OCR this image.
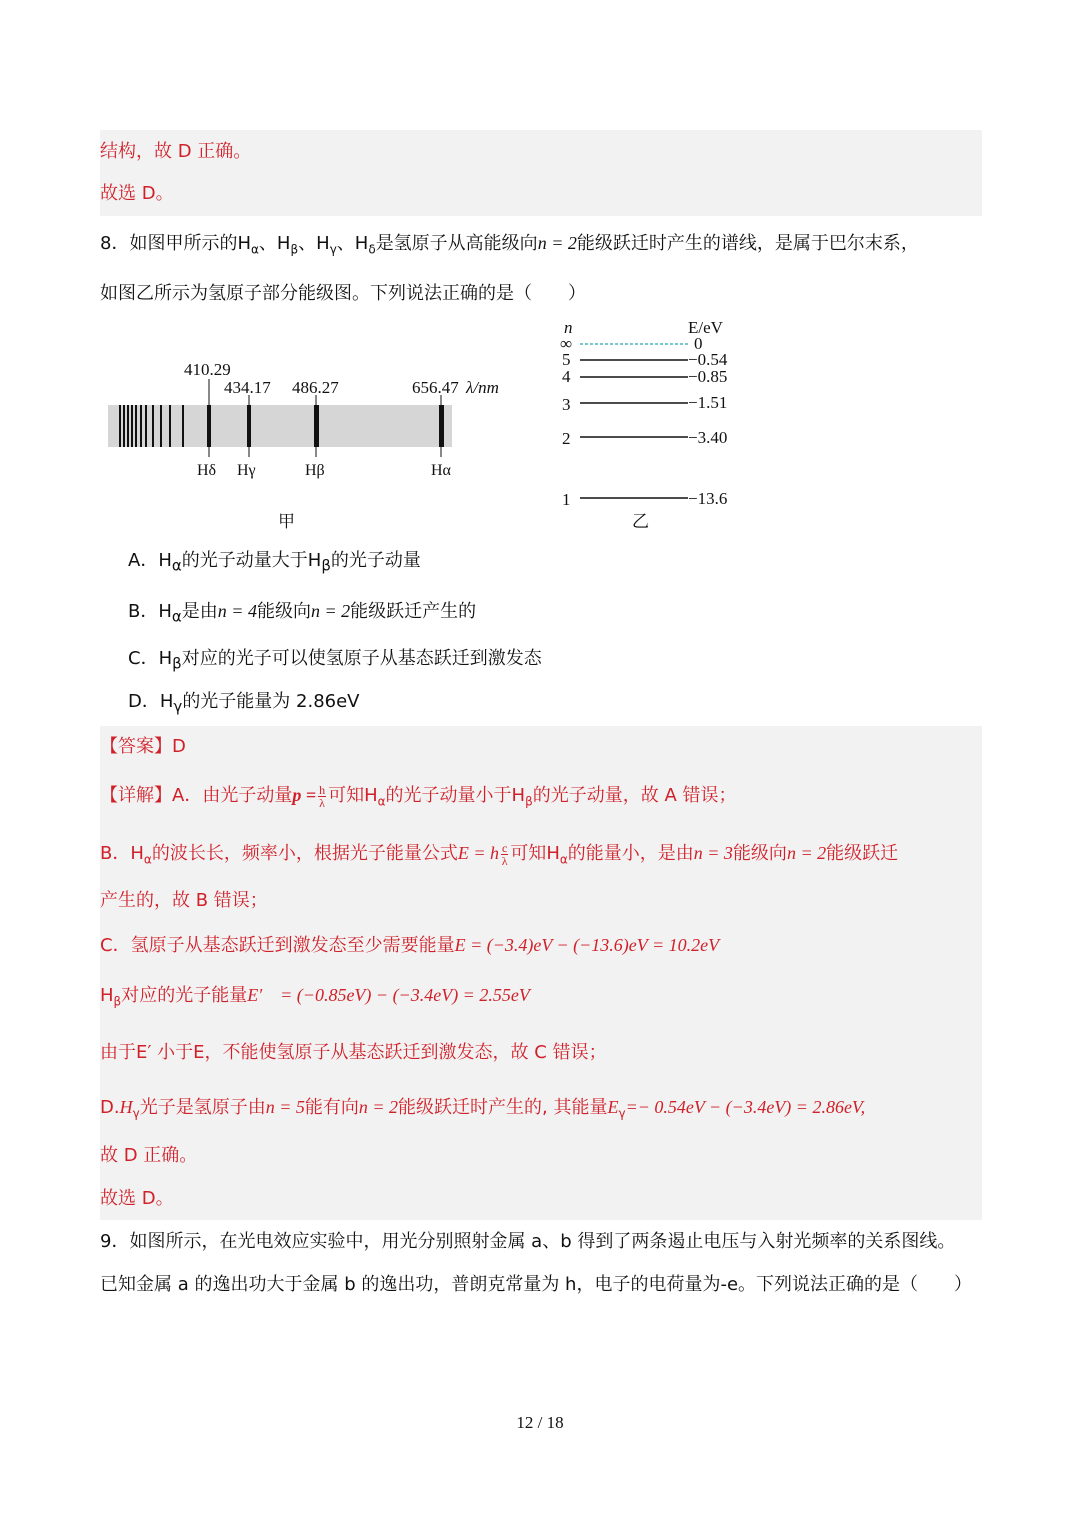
结构，故 D 正确。
故选 D。
8．如图甲所示的$H_\alpha$、$H_\beta$、$H_\gamma$、$H_\delta$是氢原子从高能级向n = 2能级跃迁时产生的谱线，是属于巴尔末系，
如图乙所示为氢原子部分能级图。下列说法正确的是（　　）
410.29
434.17 486.27	656.47 λ/nm
Hδ Hγ	Hβ	Hα
甲
n	E/eV
∞
5
4
3
2
1
0
−0.54
−0.85
−1.51
−3.40
−13.6
乙
A．$H_\alpha$的光子动量大于$H_\beta$的光子动量
B．$H_\alpha$是由n = 4能级向n = 2能级跃迁产生的
C．$H_\beta$对应的光子可以使氢原子从基态跃迁到激发态
D．$H_\gamma$的光子能量为 2.86eV
【答案】D
【详解】A．由光子动量$p = \frac{h}{\lambda}$ 可知$H_\alpha$的光子动量小于$H_\beta$的光子动量，故 A 错误；
B．$H_\alpha$的波长长，频率小，根据光子能量公式E = h $\frac{c}{\lambda}$ 可知$H_\alpha$的能量小，是由n = 3能级向n = 2能级跃迁
产生的，故 B 错误；
C．氢原子从基态跃迁到激发态至少需要能量E = (−3.4)eV − (−13.6)eV = 10.2eV
$H_\beta$对应的光子能量E′　= (−0.85eV) − (−3.4eV) = 2.55eV
由于E′ 小于E，不能使氢原子从基态跃迁到激发态，故 C 错误；
$D.H_\gamma$光子是氢原子由n = 5能有向n = 2能级跃迁时产生的, 其能量$E_\gamma=- 0.54eV - (-3.4eV) = 2.86eV$,
故 D 正确。
故选 D。
9．如图所示，在光电效应实验中，用光分别照射金属 a、b 得到了两条遏止电压与入射光频率的关系图线。
已知金属 a 的逸出功大于金属 b 的逸出功，普朗克常量为 h，电子的电荷量为-e。下列说法正确的是（　　）
12 / 18
